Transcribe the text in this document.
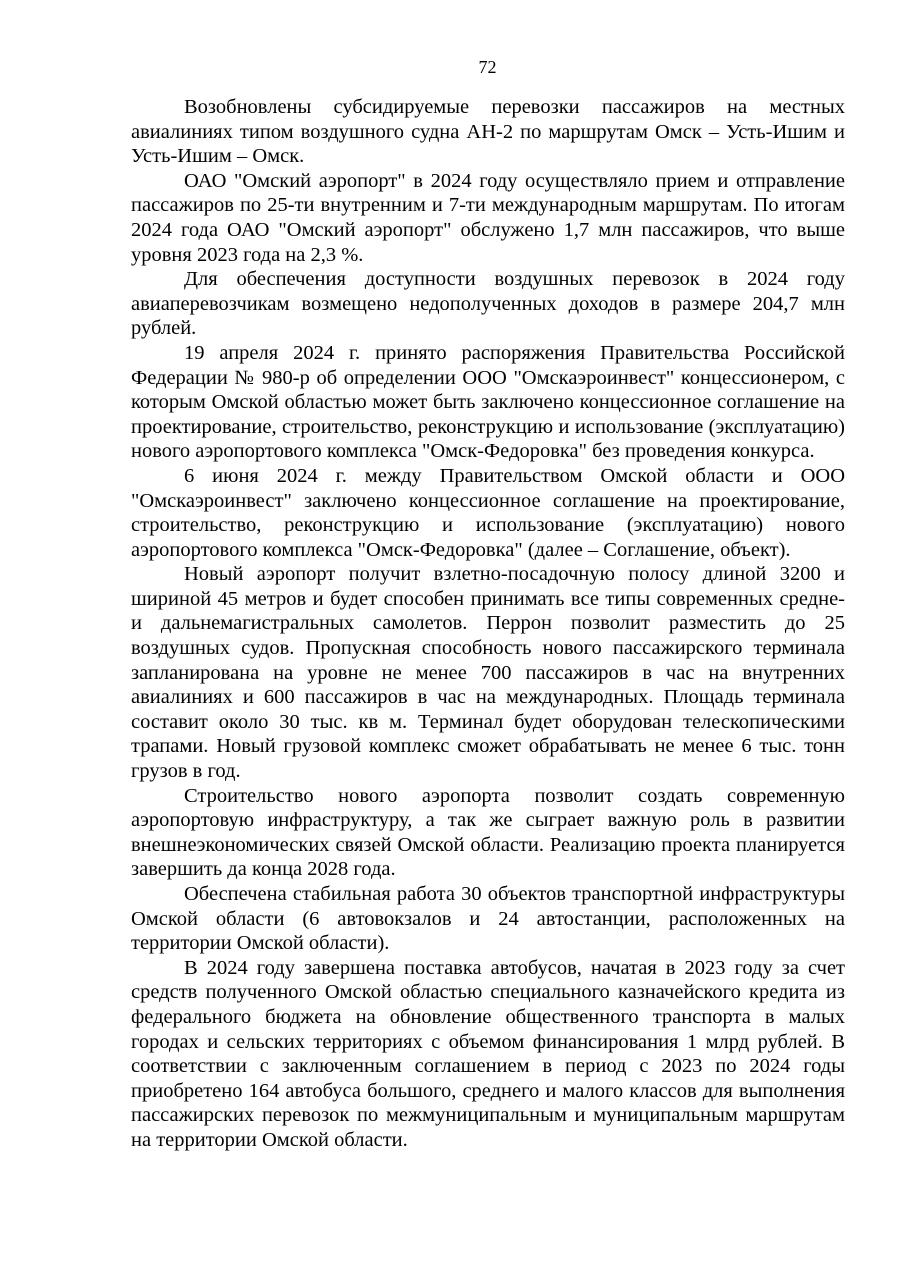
72

Возобновлены субсидируемые перевозки пассажиров на местных авиалиниях типом воздушного судна АН-2 по маршрутам Омск – Усть-Ишим и Усть-Ишим – Омск.

ОАО "Омский аэропорт" в 2024 году осуществляло прием и отправление пассажиров по 25-ти внутренним и 7-ти международным маршрутам. По итогам 2024 года ОАО "Омский аэропорт" обслужено 1,7 млн пассажиров, что выше уровня 2023 года на 2,3 %.

Для обеспечения доступности воздушных перевозок в 2024 году авиаперевозчикам возмещено недополученных доходов в размере 204,7 млн рублей.

19 апреля 2024 г. принято распоряжения Правительства Российской Федерации № 980-р об определении ООО "Омскаэроинвест" концессионером, с которым Омской областью может быть заключено концессионное соглашение на проектирование, строительство, реконструкцию и использование (эксплуатацию) нового аэропортового комплекса "Омск-Федоровка" без проведения конкурса.

6 июня 2024 г. между Правительством Омской области и ООО "Омскаэроинвест" заключено концессионное соглашение на проектирование, строительство, реконструкцию и использование (эксплуатацию) нового аэропортового комплекса "Омск-Федоровка" (далее – Соглашение, объект).

Новый аэропорт получит взлетно-посадочную полосу длиной 3200 и шириной 45 метров и будет способен принимать все типы современных средне- и дальнемагистральных самолетов. Перрон позволит разместить до 25 воздушных судов. Пропускная способность нового пассажирского терминала запланирована на уровне не менее 700 пассажиров в час на внутренних авиалиниях и 600 пассажиров в час на международных. Площадь терминала составит около 30 тыс. кв м. Терминал будет оборудован телескопическими трапами. Новый грузовой комплекс сможет обрабатывать не менее 6 тыс. тонн грузов в год.

Строительство нового аэропорта позволит создать современную аэропортовую инфраструктуру, а так же сыграет важную роль в развитии внешнеэкономических связей Омской области. Реализацию проекта планируется завершить да конца 2028 года.

Обеспечена стабильная работа 30 объектов транспортной инфраструктуры Омской области (6 автовокзалов и 24 автостанции, расположенных на территории Омской области).

В 2024 году завершена поставка автобусов, начатая в 2023 году за счет средств полученного Омской областью специального казначейского кредита из федерального бюджета на обновление общественного транспорта в малых городах и сельских территориях с объемом финансирования 1 млрд рублей. В соответствии с заключенным соглашением в период с 2023 по 2024 годы приобретено 164 автобуса большого, среднего и малого классов для выполнения пассажирских перевозок по межмуниципальным и муниципальным маршрутам на территории Омской области.
